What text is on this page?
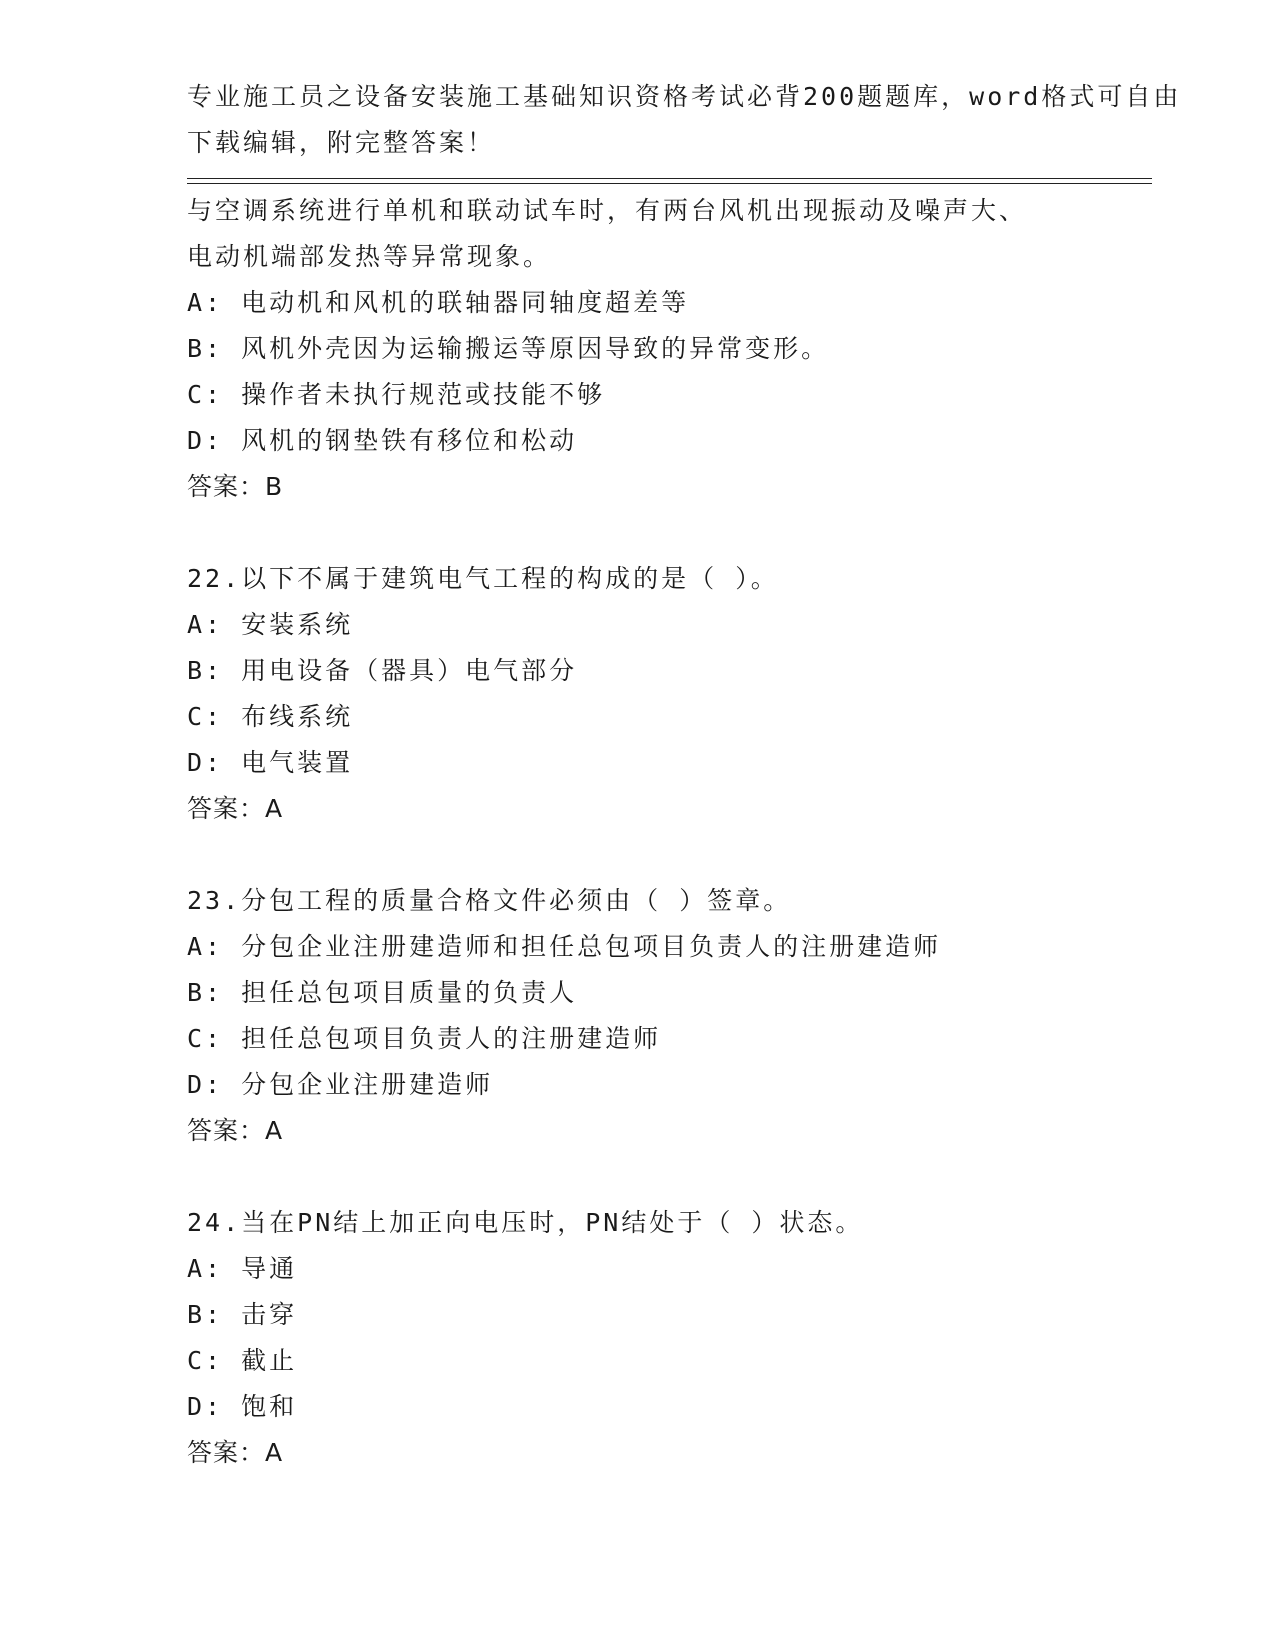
专业施工员之设备安装施工基础知识资格考试必背200题题库，word格式可自由
下载编辑，附完整答案！
与空调系统进行单机和联动试车时，有两台风机出现振动及噪声大、
电动机端部发热等异常现象。
A: 电动机和风机的联轴器同轴度超差等
B: 风机外壳因为运输搬运等原因导致的异常变形。
C: 操作者未执行规范或技能不够
D: 风机的钢垫铁有移位和松动
答案：B
22.以下不属于建筑电气工程的构成的是（ ）。
A: 安装系统
B: 用电设备（器具）电气部分
C: 布线系统
D: 电气装置
答案：A
23.分包工程的质量合格文件必须由（ ）签章。
A: 分包企业注册建造师和担任总包项目负责人的注册建造师
B: 担任总包项目质量的负责人
C: 担任总包项目负责人的注册建造师
D: 分包企业注册建造师
答案：A
24.当在PN结上加正向电压时，PN结处于（ ）状态。
A: 导通
B: 击穿
C: 截止
D: 饱和
答案：A
